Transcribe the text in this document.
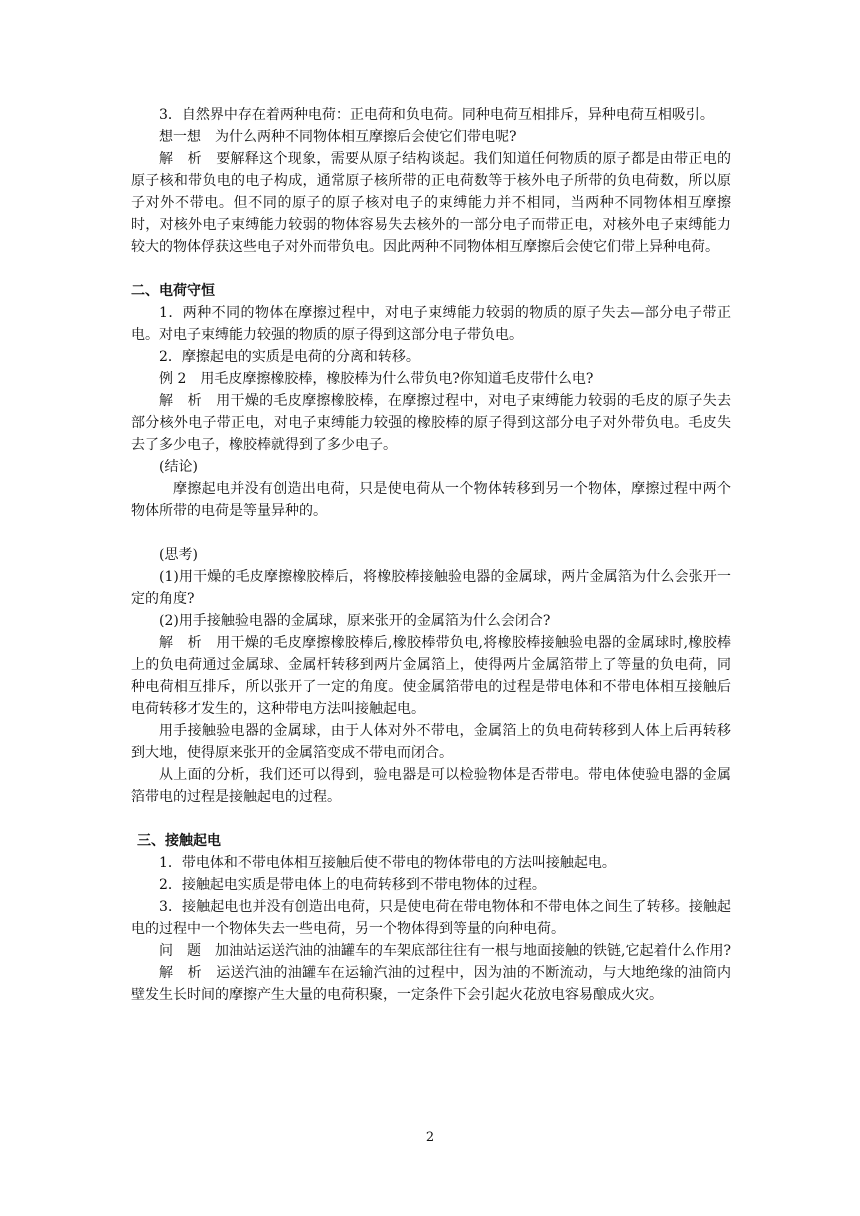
3．自然界中存在着两种电荷：正电荷和负电荷。同种电荷互相排斥，异种电荷互相吸引。

想一想 为什么两种不同物体相互摩擦后会使它们带电呢?

解　析 要解释这个现象，需要从原子结构谈起。我们知道任何物质的原子都是由带正电的原子核和带负电的电子构成，通常原子核所带的正电荷数等于核外电子所带的负电荷数，所以原子对外不带电。但不同的原子的原子核对电子的束缚能力并不相同，当两种不同物体相互摩擦时，对核外电子束缚能力较弱的物体容易失去核外的一部分电子而带正电，对核外电子束缚能力较大的物体俘获这些电子对外而带负电。因此两种不同物体相互摩擦后会使它们带上异种电荷。

二、电荷守恒

1．两种不同的物体在摩擦过程中，对电子束缚能力较弱的物质的原子失去—部分电子带正电。对电子束缚能力较强的物质的原子得到这部分电子带负电。

2．摩擦起电的实质是电荷的分离和转移。

例 2 用毛皮摩擦橡胶棒，橡胶棒为什么带负电?你知道毛皮带什么电?

解　析 用干燥的毛皮摩擦橡胶棒，在摩擦过程中，对电子束缚能力较弱的毛皮的原子失去部分核外电子带正电，对电子束缚能力较强的橡胶棒的原子得到这部分电子对外带负电。毛皮失去了多少电子，橡胶棒就得到了多少电子。

(结论)

摩擦起电并没有创造出电荷，只是使电荷从一个物体转移到另一个物体，摩擦过程中两个物体所带的电荷是等量异种的。

(思考)

(1)用干燥的毛皮摩擦橡胶棒后，将橡胶棒接触验电器的金属球，两片金属箔为什么会张开一定的角度?

(2)用手接触验电器的金属球，原来张开的金属箔为什么会闭合?

解　析 用干燥的毛皮摩擦橡胶棒后,橡胶棒带负电,将橡胶棒接触验电器的金属球时,橡胶棒上的负电荷通过金属球、金属杆转移到两片金属箔上，使得两片金属箔带上了等量的负电荷，同种电荷相互排斥，所以张开了一定的角度。使金属箔带电的过程是带电体和不带电体相互接触后电荷转移才发生的，这种带电方法叫接触起电。

用手接触验电器的金属球，由于人体对外不带电，金属箔上的负电荷转移到人体上后再转移到大地，使得原来张开的金属箔变成不带电而闭合。

从上面的分析，我们还可以得到，验电器是可以检验物体是否带电。带电体使验电器的金属箔带电的过程是接触起电的过程。

三、接触起电

1．带电体和不带电体相互接触后使不带电的物体带电的方法叫接触起电。

2．接触起电实质是带电体上的电荷转移到不带电物体的过程。

3．接触起电也并没有创造出电荷，只是使电荷在带电物体和不带电体之间生了转移。接触起电的过程中一个物体失去一些电荷，另一个物体得到等量的向种电荷。

问　题 加油站运送汽油的油罐车的车架底部往往有一根与地面接触的铁链,它起着什么作用?

解　析 运送汽油的油罐车在运输汽油的过程中，因为油的不断流动，与大地绝缘的油筒内壁发生长时间的摩擦产生大量的电荷积聚，一定条件下会引起火花放电容易酿成火灾。

2
